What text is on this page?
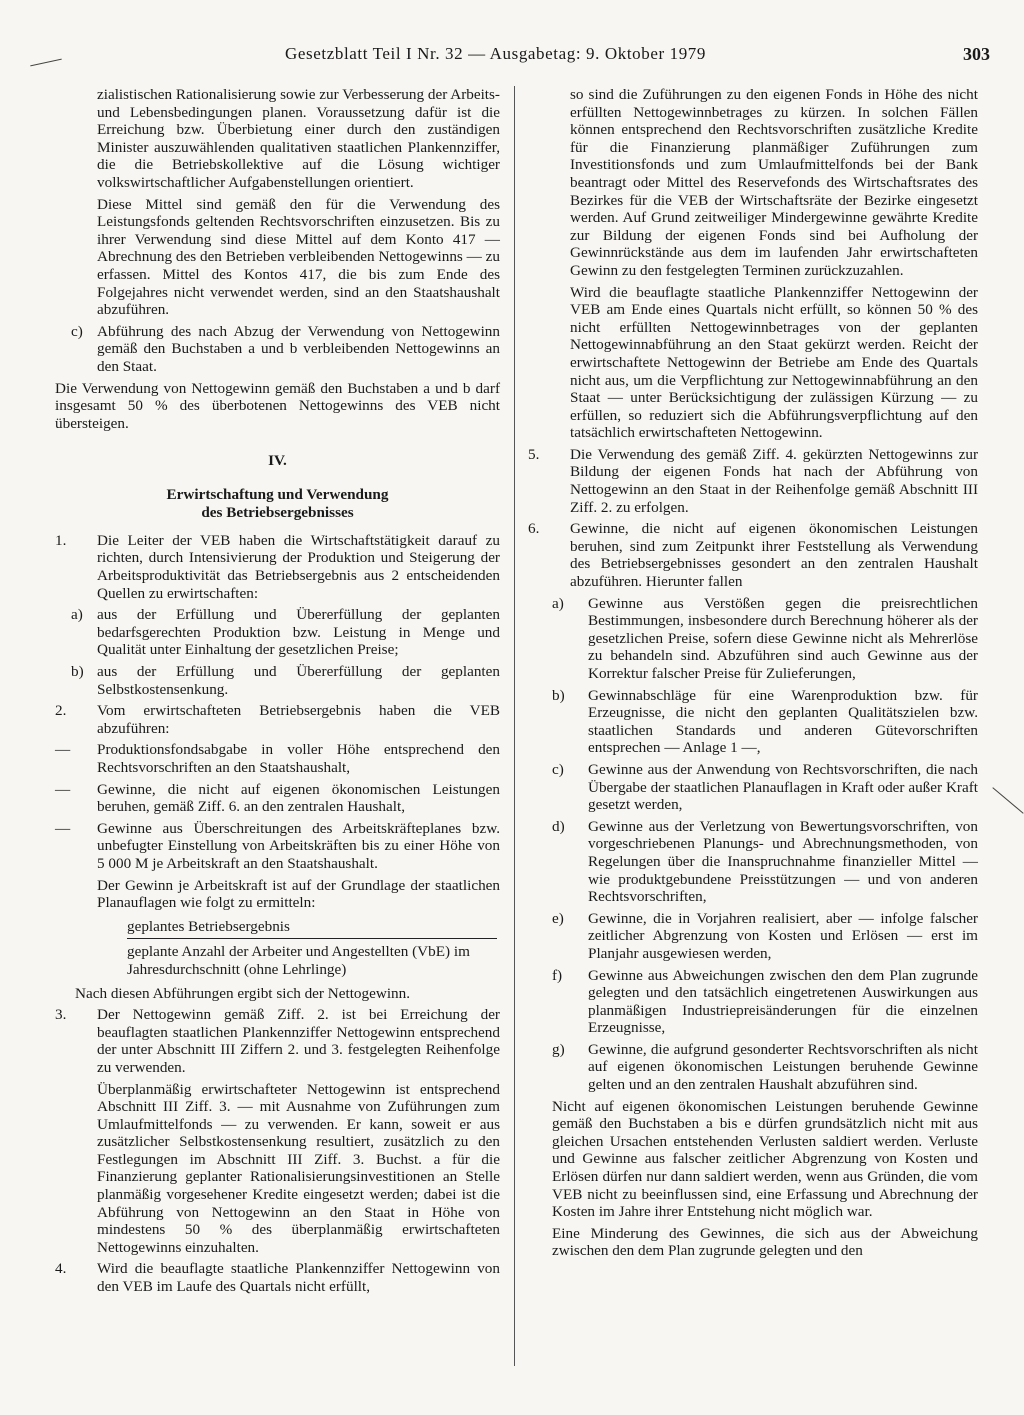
Gesetzblatt Teil I Nr. 32 — Ausgabetag: 9. Oktober 1979	303

zialistischen Rationalisierung sowie zur Verbesserung der Arbeits- und Lebensbedingungen planen. Voraussetzung dafür ist die Erreichung bzw. Überbietung einer durch den zuständigen Minister auszuwählenden qualitativen staatlichen Plankennziffer, die die Betriebskollektive auf die Lösung wichtiger volkswirtschaftlicher Aufgabenstellungen orientiert.

Diese Mittel sind gemäß den für die Verwendung des Leistungsfonds geltenden Rechtsvorschriften einzusetzen. Bis zu ihrer Verwendung sind diese Mittel auf dem Konto 417 — Abrechnung des den Betrieben verbleibenden Nettogewinns — zu erfassen. Mittel des Kontos 417, die bis zum Ende des Folgejahres nicht verwendet werden, sind an den Staatshaushalt abzuführen.

c) Abführung des nach Abzug der Verwendung von Nettogewinn gemäß den Buchstaben a und b verbleibenden Nettogewinns an den Staat.

Die Verwendung von Nettogewinn gemäß den Buchstaben a und b darf insgesamt 50 % des überbotenen Nettogewinns des VEB nicht übersteigen.

IV.
Erwirtschaftung und Verwendung
des Betriebsergebnisses
1. Die Leiter der VEB haben die Wirtschaftstätigkeit darauf zu richten, durch Intensivierung der Produktion und Steigerung der Arbeitsproduktivität das Betriebsergebnis aus 2 entscheidenden Quellen zu erwirtschaften:
a) aus der Erfüllung und Übererfüllung der geplanten bedarfsgerechten Produktion bzw. Leistung in Menge und Qualität unter Einhaltung der gesetzlichen Preise;
b) aus der Erfüllung und Übererfüllung der geplanten Selbstkostensenkung.
2. Vom erwirtschafteten Betriebsergebnis haben die VEB abzuführen:
— Produktionsfondsabgabe in voller Höhe entsprechend den Rechtsvorschriften an den Staatshaushalt,
— Gewinne, die nicht auf eigenen ökonomischen Leistungen beruhen, gemäß Ziff. 6. an den zentralen Haushalt,
— Gewinne aus Überschreitungen des Arbeitskräfteplanes bzw. unbefugter Einstellung von Arbeitskräften bis zu einer Höhe von 5 000 M je Arbeitskraft an den Staatshaushalt.

Der Gewinn je Arbeitskraft ist auf der Grundlage der staatlichen Planauflagen wie folgt zu ermitteln:

geplantes Betriebsergebnis
geplante Anzahl der Arbeiter und Angestellten (VbE) im Jahresdurchschnitt (ohne Lehrlinge)

Nach diesen Abführungen ergibt sich der Nettogewinn.

3. Der Nettogewinn gemäß Ziff. 2. ist bei Erreichung der beauflagten staatlichen Plankennziffer Nettogewinn entsprechend der unter Abschnitt III Ziffern 2. und 3. festgelegten Reihenfolge zu verwenden.

Überplanmäßig erwirtschafteter Nettogewinn ist entsprechend Abschnitt III Ziff. 3. — mit Ausnahme von Zuführungen zum Umlaufmittelfonds — zu verwenden. Er kann, soweit er aus zusätzlicher Selbstkostensenkung resultiert, zusätzlich zu den Festlegungen im Abschnitt III Ziff. 3. Buchst. a für die Finanzierung geplanter Rationalisierungsinvestitionen an Stelle planmäßig vorgesehener Kredite eingesetzt werden; dabei ist die Abführung von Nettogewinn an den Staat in Höhe von mindestens 50 % des überplanmäßig erwirtschafteten Nettogewinns einzuhalten.

4. Wird die beauflagte staatliche Plankennziffer Nettogewinn von den VEB im Laufe des Quartals nicht erfüllt,

so sind die Zuführungen zu den eigenen Fonds in Höhe des nicht erfüllten Nettogewinnbetrages zu kürzen. In solchen Fällen können entsprechend den Rechtsvorschriften zusätzliche Kredite für die Finanzierung planmäßiger Zuführungen zum Investitionsfonds und zum Umlaufmittelfonds bei der Bank beantragt oder Mittel des Reservefonds des Wirtschaftsrates des Bezirkes für die VEB der Wirtschaftsräte der Bezirke eingesetzt werden. Auf Grund zeitweiliger Mindergewinne gewährte Kredite zur Bildung der eigenen Fonds sind bei Aufholung der Gewinnrückstände aus dem im laufenden Jahr erwirtschafteten Gewinn zu den festgelegten Terminen zurückzuzahlen.

Wird die beauflagte staatliche Plankennziffer Nettogewinn der VEB am Ende eines Quartals nicht erfüllt, so können 50 % des nicht erfüllten Nettogewinnbetrages von der geplanten Nettogewinnabführung an den Staat gekürzt werden. Reicht der erwirtschaftete Nettogewinn der Betriebe am Ende des Quartals nicht aus, um die Verpflichtung zur Nettogewinnabführung an den Staat — unter Berücksichtigung der zulässigen Kürzung — zu erfüllen, so reduziert sich die Abführungsverpflichtung auf den tatsächlich erwirtschafteten Nettogewinn.

5. Die Verwendung des gemäß Ziff. 4. gekürzten Nettogewinns zur Bildung der eigenen Fonds hat nach der Abführung von Nettogewinn an den Staat in der Reihenfolge gemäß Abschnitt III Ziff. 2. zu erfolgen.
6. Gewinne, die nicht auf eigenen ökonomischen Leistungen beruhen, sind zum Zeitpunkt ihrer Feststellung als Verwendung des Betriebsergebnisses gesondert an den zentralen Haushalt abzuführen. Hierunter fallen
a) Gewinne aus Verstößen gegen die preisrechtlichen Bestimmungen, insbesondere durch Berechnung höherer als der gesetzlichen Preise, sofern diese Gewinne nicht als Mehrerlöse zu behandeln sind. Abzuführen sind auch Gewinne aus der Korrektur falscher Preise für Zulieferungen,
b) Gewinnabschläge für eine Warenproduktion bzw. für Erzeugnisse, die nicht den geplanten Qualitätszielen bzw. staatlichen Standards und anderen Gütevorschriften entsprechen — Anlage 1 —,
c) Gewinne aus der Anwendung von Rechtsvorschriften, die nach Übergabe der staatlichen Planauflagen in Kraft oder außer Kraft gesetzt werden,
d) Gewinne aus der Verletzung von Bewertungsvorschriften, von vorgeschriebenen Planungs- und Abrechnungsmethoden, von Regelungen über die Inanspruchnahme finanzieller Mittel — wie produktgebundene Preisstützungen — und von anderen Rechtsvorschriften,
e) Gewinne, die in Vorjahren realisiert, aber — infolge falscher zeitlicher Abgrenzung von Kosten und Erlösen — erst im Planjahr ausgewiesen werden,
f) Gewinne aus Abweichungen zwischen den dem Plan zugrunde gelegten und den tatsächlich eingetretenen Auswirkungen aus planmäßigen Industriepreisänderungen für die einzelnen Erzeugnisse,
g) Gewinne, die aufgrund gesonderter Rechtsvorschriften als nicht auf eigenen ökonomischen Leistungen beruhende Gewinne gelten und an den zentralen Haushalt abzuführen sind.

Nicht auf eigenen ökonomischen Leistungen beruhende Gewinne gemäß den Buchstaben a bis e dürfen grundsätzlich nicht mit aus gleichen Ursachen entstehenden Verlusten saldiert werden. Verluste und Gewinne aus falscher zeitlicher Abgrenzung von Kosten und Erlösen dürfen nur dann saldiert werden, wenn aus Gründen, die vom VEB nicht zu beeinflussen sind, eine Erfassung und Abrechnung der Kosten im Jahre ihrer Entstehung nicht möglich war.

Eine Minderung des Gewinnes, die sich aus der Abweichung zwischen den dem Plan zugrunde gelegten und den
